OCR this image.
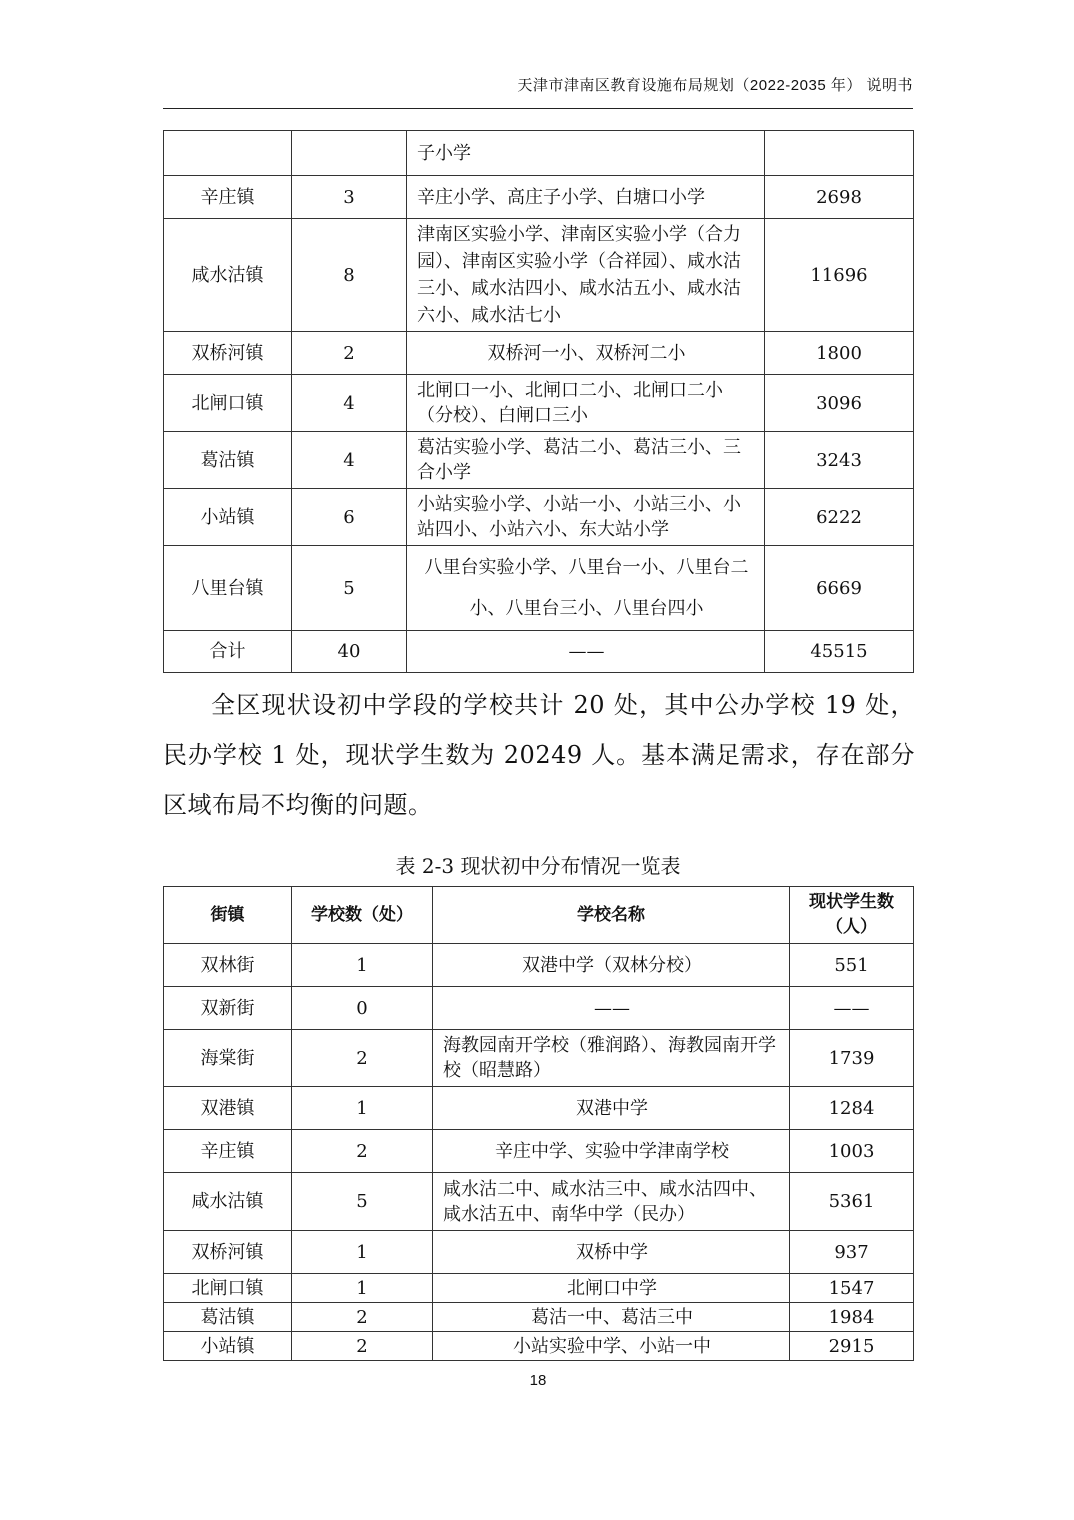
天津市津南区教育设施布局规划（2022-2035 年） 说明书
		子小学	
辛庄镇	3	辛庄小学、高庄子小学、白塘口小学	2698
咸水沽镇	8	津南区实验小学、津南区实验小学（合力园）、津南区实验小学（合祥园）、咸水沽三小、咸水沽四小、咸水沽五小、咸水沽六小、咸水沽七小	11696
双桥河镇	2	双桥河一小、双桥河二小	1800
北闸口镇	4	北闸口一小、北闸口二小、北闸口二小（分校）、白闸口三小	3096
葛沽镇	4	葛沽实验小学、葛沽二小、葛沽三小、三合小学	3243
小站镇	6	小站实验小学、小站一小、小站三小、小站四小、小站六小、东大站小学	6222
八里台镇	5	八里台实验小学、八里台一小、八里台二小、八里台三小、八里台四小	6669
合计	40	——	45515
全区现状设初中学段的学校共计 20 处，其中公办学校 19 处，民办学校 1 处，现状学生数为 20249 人。基本满足需求，存在部分区域布局不均衡的问题。
表 2-3 现状初中分布情况一览表
街镇	学校数（处）	学校名称	现状学生数（人）
双林街	1	双港中学（双林分校）	551
双新街	0	——	——
海棠街	2	海教园南开学校（雅润路）、海教园南开学校（昭慧路）	1739
双港镇	1	双港中学	1284
辛庄镇	2	辛庄中学、实验中学津南学校	1003
咸水沽镇	5	咸水沽二中、咸水沽三中、咸水沽四中、咸水沽五中、南华中学（民办）	5361
双桥河镇	1	双桥中学	937
北闸口镇	1	北闸口中学	1547
葛沽镇	2	葛沽一中、葛沽三中	1984
小站镇	2	小站实验中学、小站一中	2915
18
